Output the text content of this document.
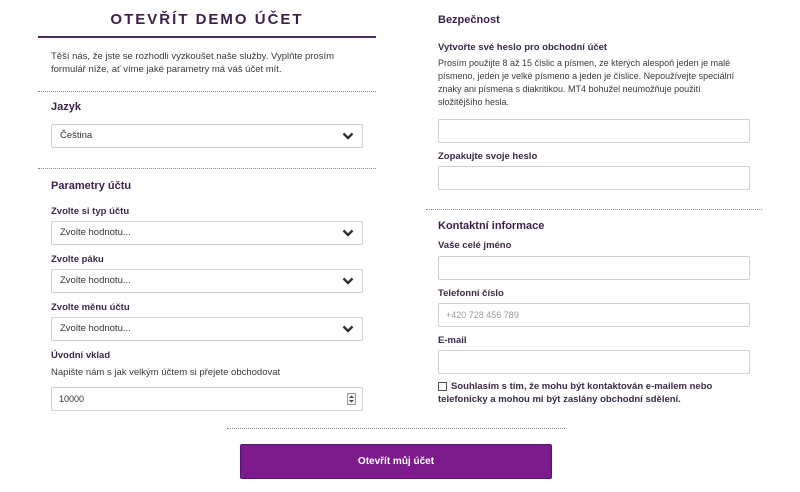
OTEVŘÍT DEMO ÚČET
Těší nás, že jste se rozhodli vyzkoušet naše služby. Vyplňte prosím formulář níže, ať víme jaké parametry má váš účet mít.
Jazyk
Čeština
Parametry účtu
Zvolte si typ účtu
Zvolte hodnotu...
Zvolte páku
Zvolte hodnotu...
Zvolte měnu účtu
Zvolte hodnotu...
Úvodní vklad
Napište nám s jak velkým účtem si přejete obchodovat
10000
Bezpečnost
Vytvořte své heslo pro obchodní účet
Prosím použijte 8 až 15 číslic a písmen, ze kterých alespoň jeden je malé písmeno, jeden je velké písmeno a jeden je číslice. Nepoužívejte speciální znaky ani písmena s diakritikou. MT4 bohužel neumožňuje použití složitějšího hesla.
Zopakujte svoje heslo
Kontaktní informace
Vaše celé jméno
Telefonní číslo
+420 728 456 789
E-mail
Souhlasím s tím, že mohu být kontaktován e-mailem nebo telefonicky a mohou mi být zaslány obchodní sdělení.
Otevřít můj účet
